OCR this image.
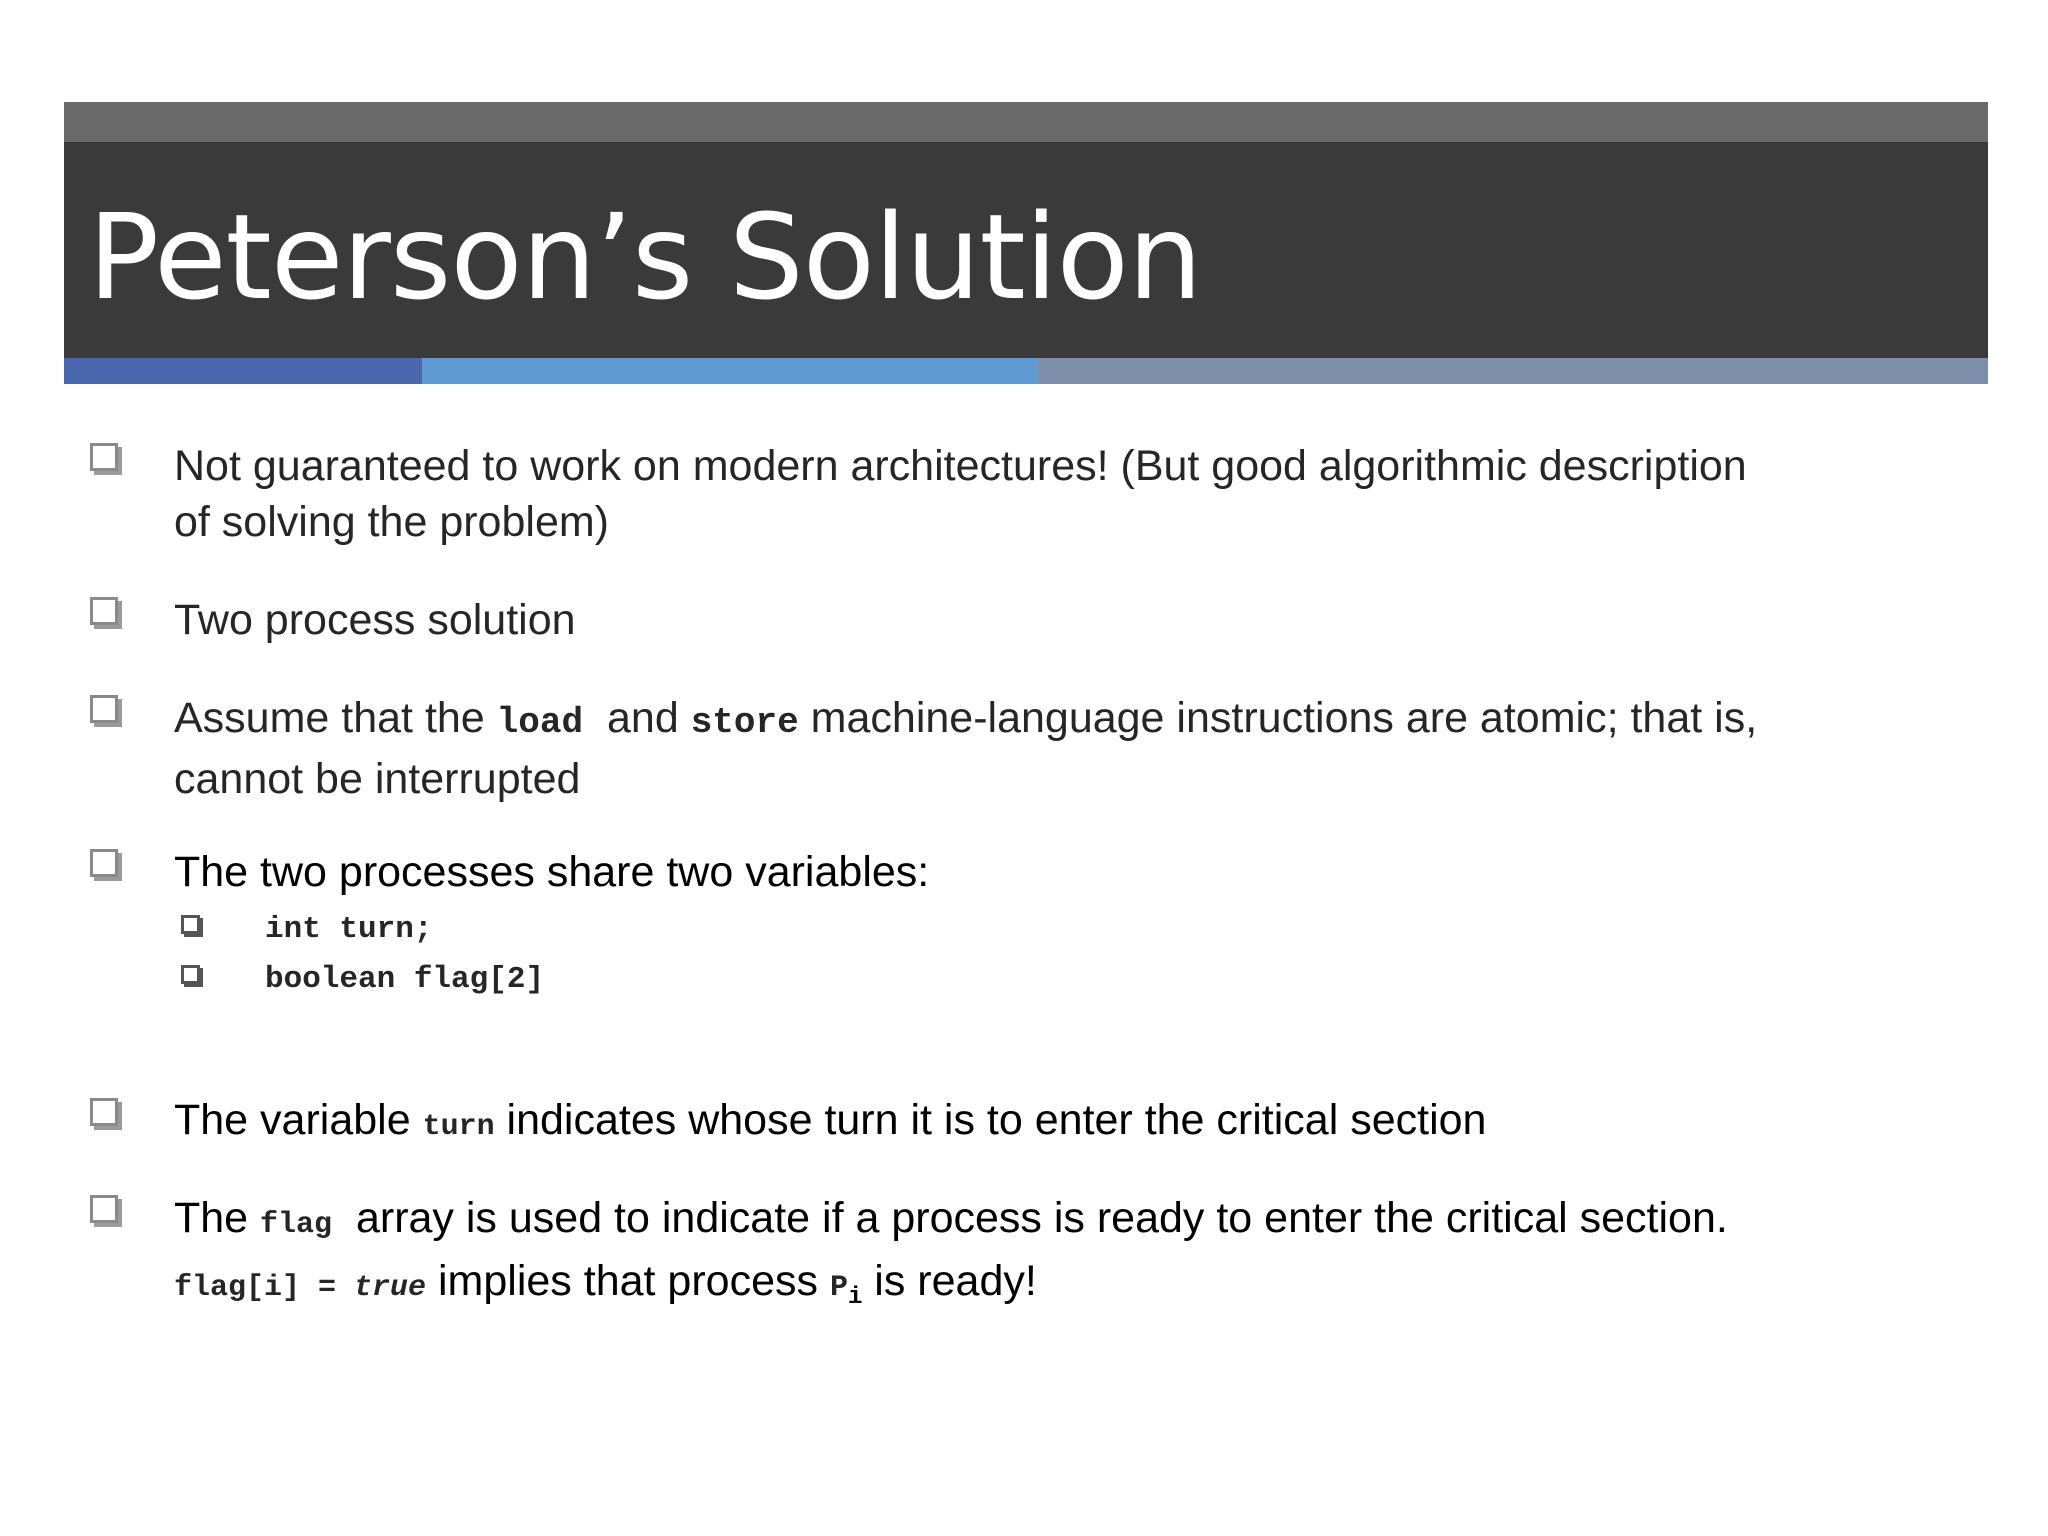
Peterson’s Solution
Not guaranteed to work on modern architectures! (But good algorithmic description
of solving the problem)
Two process solution
Assume that the load  and store machine-language instructions are atomic; that is,
cannot be interrupted
The two processes share two variables:
int turn;
boolean flag[2]
The variable turn indicates whose turn it is to enter the critical section
The flag  array is used to indicate if a process is ready to enter the critical section.
flag[i] = true implies that process $P_i$ is ready!
